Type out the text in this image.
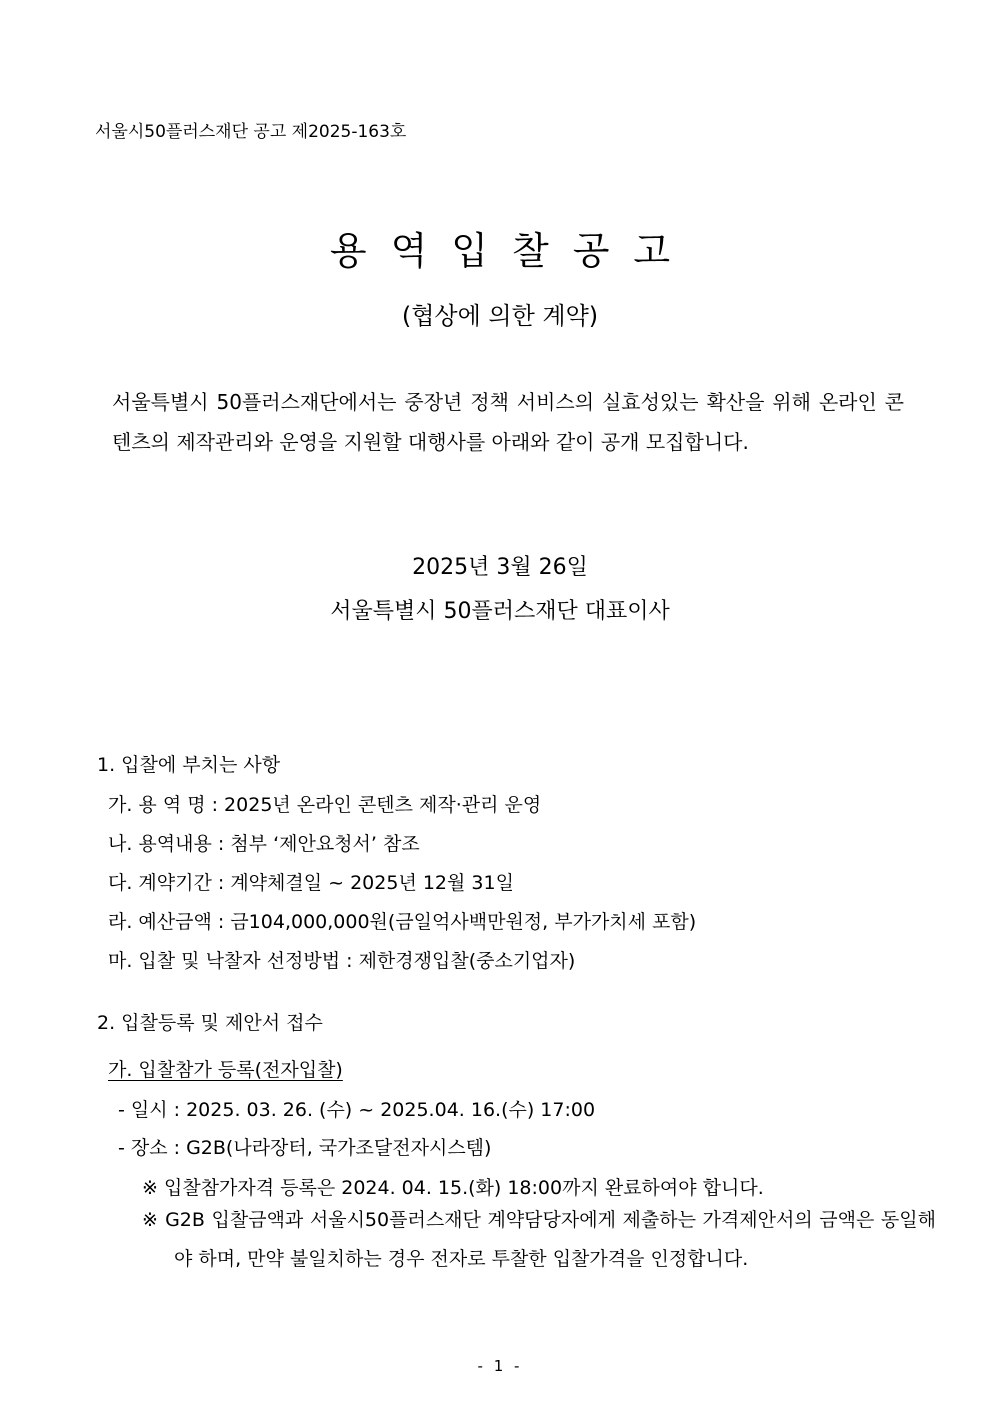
서울시50플러스재단 공고 제2025-163호
용역입찰공고
(협상에 의한 계약)
서울특별시 50플러스재단에서는 중장년 정책 서비스의 실효성있는 확산을 위해 온라인 콘텐츠의 제작관리와 운영을 지원할 대행사를 아래와 같이 공개 모집합니다.
2025년 3월 26일
서울특별시 50플러스재단 대표이사
1. 입찰에 부치는 사항
가. 용 역 명 : 2025년 온라인 콘텐츠 제작·관리 운영
나. 용역내용 : 첨부 ‘제안요청서’ 참조
다. 계약기간 : 계약체결일 ~ 2025년 12월 31일
라. 예산금액 : 금104,000,000원(금일억사백만원정, 부가가치세 포함)
마. 입찰 및 낙찰자 선정방법 : 제한경쟁입찰(중소기업자)
2. 입찰등록 및 제안서 접수
가. 입찰참가 등록(전자입찰)
- 일시 : 2025. 03. 26. (수) ~ 2025.04. 16.(수) 17:00
- 장소 : G2B(나라장터, 국가조달전자시스템)
※ 입찰참가자격 등록은 2024. 04. 15.(화) 18:00까지 완료하여야 합니다.
※ G2B 입찰금액과 서울시50플러스재단 계약담당자에게 제출하는 가격제안서의 금액은 동일해야 하며, 만약 불일치하는 경우 전자로 투찰한 입찰가격을 인정합니다.
- 1 -
